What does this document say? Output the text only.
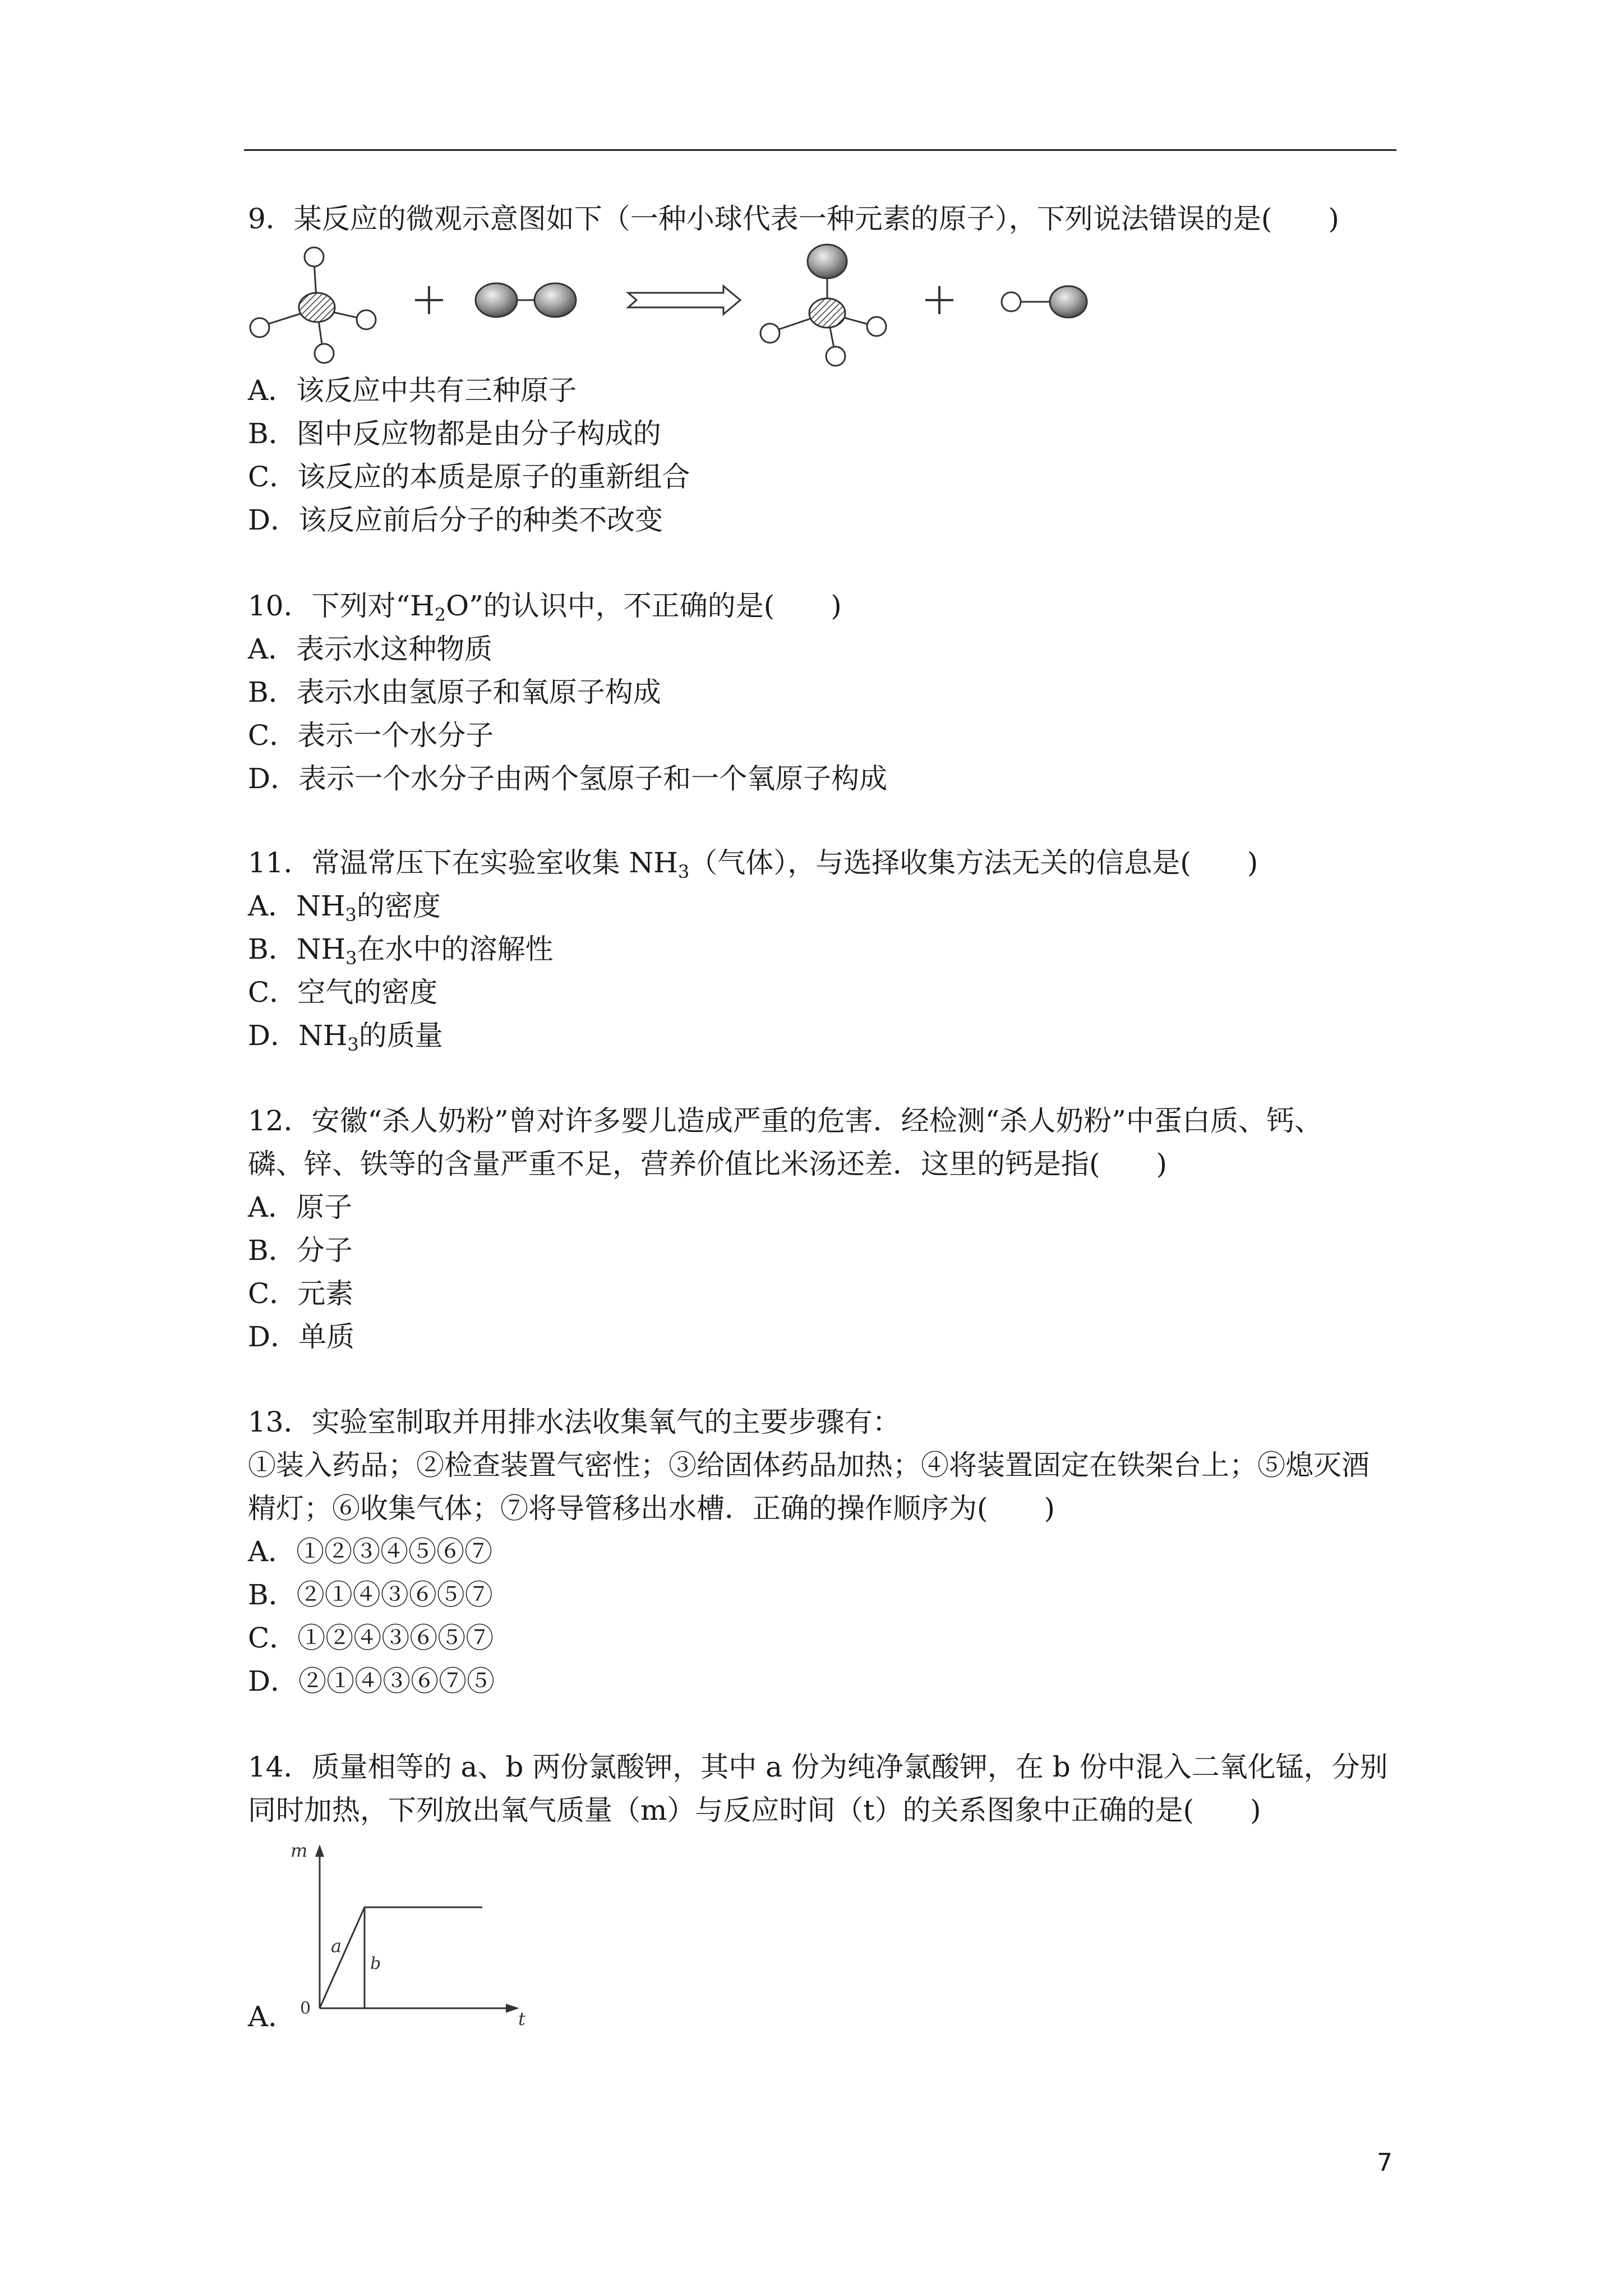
9．某反应的微观示意图如下（一种小球代表一种元素的原子），下列说法错误的是(　　)
A．该反应中共有三种原子
B．图中反应物都是由分子构成的
C．该反应的本质是原子的重新组合
D．该反应前后分子的种类不改变
10．下列对“$H_2O$”的认识中，不正确的是(　　)
A．表示水这种物质
B．表示水由氢原子和氧原子构成
C．表示一个水分子
D．表示一个水分子由两个氢原子和一个氧原子构成
11．常温常压下在实验室收集 $NH_3$（气体），与选择收集方法无关的信息是(　　)
A．$NH_3$的密度
B．$NH_3$在水中的溶解性
C．空气的密度
D．$NH_3$的质量
12．安徽“杀人奶粉”曾对许多婴儿造成严重的危害．经检测“杀人奶粉”中蛋白质、钙、
磷、锌、铁等的含量严重不足，营养价值比米汤还差．这里的钙是指(　　)
A．原子
B．分子
C．元素
D．单质
13．实验室制取并用排水法收集氧气的主要步骤有：
①装入药品；②检查装置气密性；③给固体药品加热；④将装置固定在铁架台上；⑤熄灭酒
精灯；⑥收集气体；⑦将导管移出水槽．正确的操作顺序为(　　)
A．①②③④⑤⑥⑦
B．②①④③⑥⑤⑦
C．①②④③⑥⑤⑦
D．②①④③⑥⑦⑤
14．质量相等的 a、b 两份氯酸钾，其中 a 份为纯净氯酸钾，在 b 份中混入二氧化锰，分别
同时加热，下列放出氧气质量（m）与反应时间（t）的关系图象中正确的是(　　)
m
t
0
a
b
A．
7
